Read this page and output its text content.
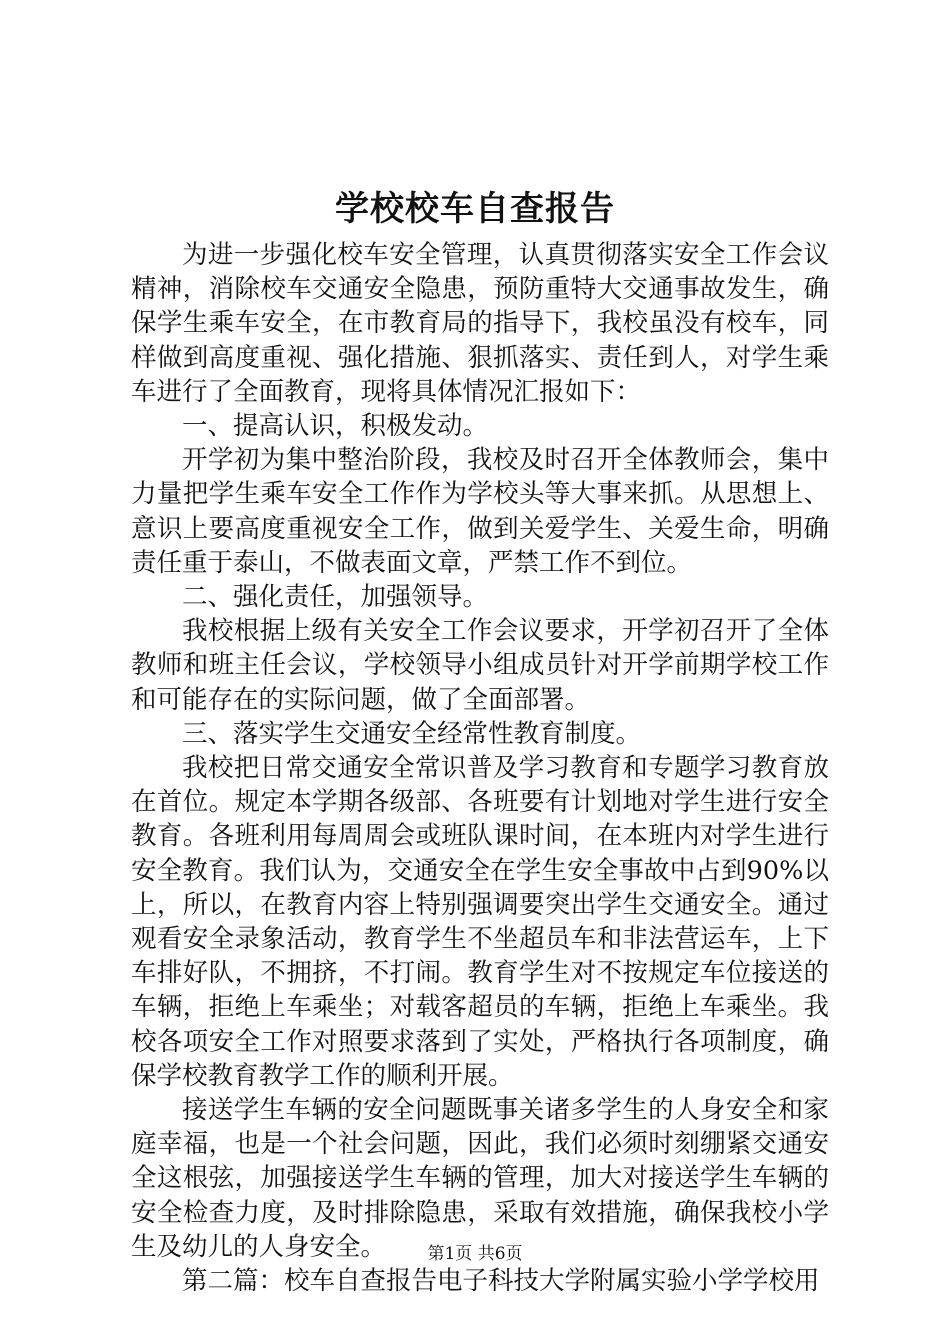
学校校车自查报告

为进一步强化校车安全管理，认真贯彻落实安全工作会议精神，消除校车交通安全隐患，预防重特大交通事故发生，确保学生乘车安全，在市教育局的指导下，我校虽没有校车，同样做到高度重视、强化措施、狠抓落实、责任到人，对学生乘车进行了全面教育，现将具体情况汇报如下：

一、提高认识，积极发动。

开学初为集中整治阶段，我校及时召开全体教师会，集中力量把学生乘车安全工作作为学校头等大事来抓。从思想上、意识上要高度重视安全工作，做到关爱学生、关爱生命，明确责任重于泰山，不做表面文章，严禁工作不到位。

二、强化责任，加强领导。

我校根据上级有关安全工作会议要求，开学初召开了全体教师和班主任会议，学校领导小组成员针对开学前期学校工作和可能存在的实际问题，做了全面部署。

三、落实学生交通安全经常性教育制度。

我校把日常交通安全常识普及学习教育和专题学习教育放在首位。规定本学期各级部、各班要有计划地对学生进行安全教育。各班利用每周周会或班队课时间，在本班内对学生进行安全教育。我们认为，交通安全在学生安全事故中占到90%以上，所以，在教育内容上特别强调要突出学生交通安全。通过观看安全录象活动，教育学生不坐超员车和非法营运车，上下车排好队，不拥挤，不打闹。教育学生对不按规定车位接送的车辆，拒绝上车乘坐；对载客超员的车辆，拒绝上车乘坐。我校各项安全工作对照要求落到了实处，严格执行各项制度，确保学校教育教学工作的顺利开展。

接送学生车辆的安全问题既事关诸多学生的人身安全和家庭幸福，也是一个社会问题，因此，我们必须时刻绷紧交通安全这根弦，加强接送学生车辆的管理，加大对接送学生车辆的安全检查力度，及时排除隐患，采取有效措施，确保我校小学生及幼儿的人身安全。

第二篇：校车自查报告电子科技大学附属实验小学学校用

第1页 共6页
